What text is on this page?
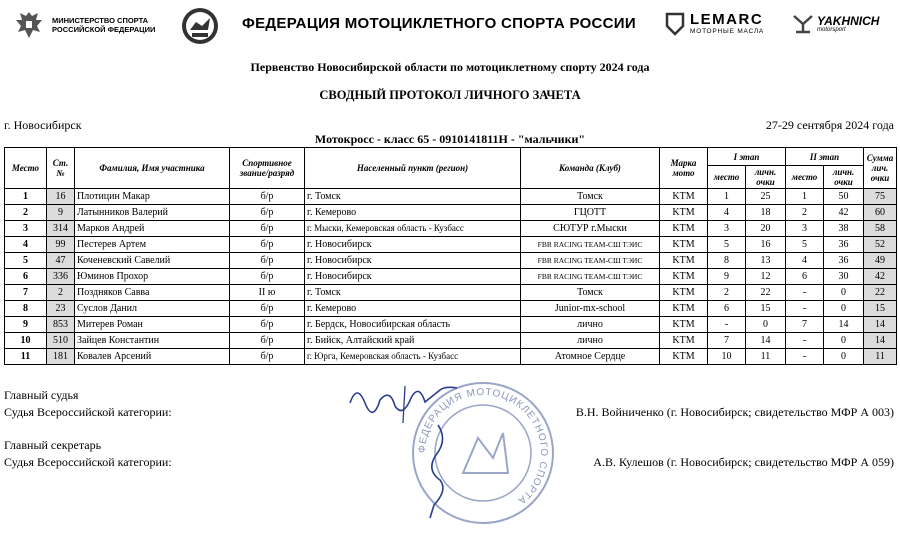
МИНИСТЕРСТВО СПОРТА
РОССИЙСКОЙ ФЕДЕРАЦИИ	ФЕДЕРАЦИЯ МОТОЦИКЛЕТНОГО СПОРТА РОССИИ	LEMARC
МОТОРНЫЕ МАСЛА
YAKHNICH
motorsport
Первенство Новосибирской области по мотоциклетному спорту 2024 года
СВОДНЫЙ ПРОТОКОЛ ЛИЧНОГО ЗАЧЕТА
г. Новосибирск	27-29 сентября 2024 года
Мотокросс - класс 65 - 0910141811Н - "мальчики"
Место	Ст. №	Фамилия, Имя участника	Спортивное звание/разряд	Населенный пункт (регион)	Команда (Клуб)	Марка мото	I этап		II этап		Сумма лич. очки
							место	личн. очки	место	личн. очки	
1	16	Плотицин Макар	б/р	г. Томск	Томск	KTM	1	25	1	50	75
2	9	Латынников Валерий	б/р	г. Кемерово	ГЦОТТ	KTM	4	18	2	42	60
3	314	Марков Андрей	б/р	г. Мыски, Кемеровская область - Кузбасс	СЮТУР г.Мыски	KTM	3	20	3	38	58
4	99	Пестерев Артем	б/р	г. Новосибирск	FBR RACING TEAM-СШ ТЭИС	KTM	5	16	5	36	52
5	47	Коченевский Савелий	б/р	г. Новосибирск	FBR RACING TEAM-СШ ТЭИС	KTM	8	13	4	36	49
6	336	Юминов Прохор	б/р	г. Новосибирск	FBR RACING TEAM-СШ ТЭИС	KTM	9	12	6	30	42
7	2	Поздняков Савва	II ю	г. Томск	Томск	KTM	2	22	-	0	22
8	23	Суслов Данил	б/р	г. Кемерово	Junior-mx-school	KTM	6	15	-	0	15
9	853	Митерев Роман	б/р	г. Бердск, Новосибирская область	лично	KTM	-	0	7	14	14
10	510	Зайцев Константин	б/р	г. Бийск, Алтайский край	лично	KTM	7	14	-	0	14
11	181	Ковалев Арсений	б/р	г. Юрга, Кемеровская область - Кузбасс	Атомное Сердце	KTM	10	11	-	0	11
Главный судья
Судья Всероссийской категории:	В.Н. Войниченко (г. Новосибирск; свидетельство МФР А 003)
Главный секретарь
Судья Всероссийской категории:	А.В. Кулешов (г. Новосибирск; свидетельство МФР А 059)
ФЕДЕРАЦИЯ МОТОЦИКЛЕТНОГО СПОРТА
